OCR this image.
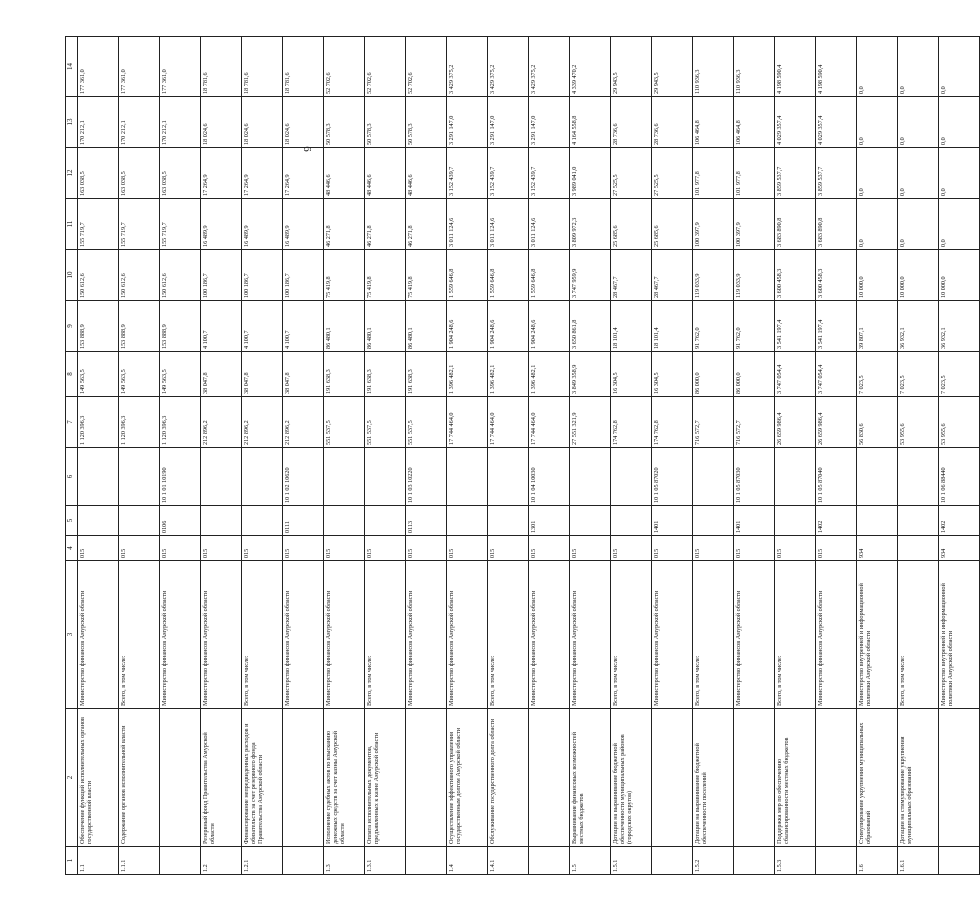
6
1	2	3	4	5	6	7	8	9	10	11	12	13	14
1.1	Обеспечение функций исполнительных органов государственной власти	Министерство финансов Амурской области	015			1 120 396,3	149 563,5	153 888,9	150 612,6	155 719,7	163 038,5	170 212,1	177 361,0
1.1.1	Содержание органов исполнительной власти	Всего, в том числе:	015			1 120 396,3	149 563,5	153 888,9	150 612,6	155 719,7	163 038,5	170 212,1	177 361,0
		Министерство финансов Амурской области	015	0106	10 1 01 10190	1 120 396,3	149 563,5	153 888,9	150 612,6	155 719,7	163 038,5	170 212,1	177 361,0
1.2	Резервный фонд Правительства Амурской области	Министерство финансов Амурской области	015			212 896,2	38 047,8	4 100,7	100 186,7	16 489,9	17 264,9	18 024,6	18 781,6
1.2.1	Финансирование непредвиденных расходов и обязательств за счет резервного фонда Правительства Амурской области	Всего, в том числе:	015			212 896,2	38 047,8	4 100,7	100 186,7	16 489,9	17 264,9	18 024,6	18 781,6
		Министерство финансов Амурской области	015	0111	10 1 02 10620	212 896,2	38 047,8	4 100,7	100 186,7	16 489,9	17 264,9	18 024,6	18 781,6
1.3	Исполнение судебных актов по взысканию денежных средств за счет казны Амурской области	Министерство финансов Амурской области	015			551 537,5	191 638,3	86 480,1	75 419,8	46 271,8	48 446,6	50 578,3	52 702,6
1.3.1	Оплата исполнительных документов, предъявленных к казне Амурской области	Всего, в том числе:	015			551 537,5	191 638,3	86 480,1	75 419,8	46 271,8	48 446,6	50 578,3	52 702,6
		Министерство финансов Амурской области	015	0113	10 1 03 10220	551 537,5	191 638,3	86 480,1	75 419,8	46 271,8	48 446,6	50 578,3	52 702,6
1.4	Осуществление эффективного управления государственным долгом Амурской области	Министерство финансов Амурской области	015			17 744 464,0	1 396 482,1	1 904 248,6	1 559 646,8	3 011 124,6	3 152 439,7	3 291 147,0	3 429 375,2
1.4.1	Обслуживание государственного долга области	Всего, в том числе:	015			17 744 464,0	1 396 482,1	1 904 248,6	1 559 646,8	3 011 124,6	3 152 439,7	3 291 147,0	3 429 375,2
		Министерство финансов Амурской области	015	1301	10 1 04 10030	17 744 464,0	1 396 482,1	1 904 248,6	1 559 646,8	3 011 124,6	3 152 439,7	3 291 147,0	3 429 375,2
1.5	Выравнивание финансовых возможностей местных бюджетов	Министерство финансов Амурской области	015			27 551 321,9	3 849 358,9	3 650 861,8	3 747 959,9	3 809 972,3	3 989 041,0	4 164 558,8	4 339 470,2
1.5.1	Дотации на выравнивание бюджетной обеспеченности муниципальных районов (городских округов)	Всего, в том числе:	015			174 762,8	16 304,5	18 101,4	28 467,7	25 685,6	27 525,5	28 736,6	29 943,5
		Министерство финансов Амурской области	015	1401	10 1 05 87020	174 762,8	16 304,5	18 101,4	28 467,7	25 685,6	27 525,5	28 736,6	29 943,5
1.5.2	Дотации на выравнивание бюджетной обеспеченности поселений	Всего, в том числе:	015			716 572,7	86 000,0	91 762,0	119 033,9	100 397,9	101 977,8	106 464,8	110 936,3
		Министерство финансов Амурской области	015	1401	10 1 05 87030	716 572,7	86 000,0	91 762,0	119 033,9	100 397,9	101 977,8	106 464,8	110 936,3
1.5.3	Поддержка мер по обеспечению сбалансированности местных бюджетов	Всего, в том числе:	015			26 659 986,4	3 747 054,4	3 541 197,4	3 600 458,3	3 683 890,8	3 859 537,7	4 029 357,4	4 198 590,4
		Министерство финансов Амурской области	015	1402	10 1 05 87040	26 659 986,4	3 747 054,4	3 541 197,4	3 600 458,3	3 683 890,8	3 859 537,7	4 029 357,4	4 198 590,4
1.6	Стимулирование укрупнения муниципальных образований	Министерство внутренней и информационной политики Амурской области	934			56 830,6	7 023,5	39 807,1	10 000,0	0,0	0,0	0,0	0,0
1.6.1	Дотации на стимулирование укрупнения муниципальных образований	Всего, в том числе:				53 955,6	7 023,5	36 932,1	10 000,0	0,0	0,0	0,0	0,0
		Министерство внутренней и информационной политики Амурской области	934	1402	10 1 06 88440	53 955,6	7 023,5	36 932,1	10 000,0	0,0	0,0	0,0	0,0
